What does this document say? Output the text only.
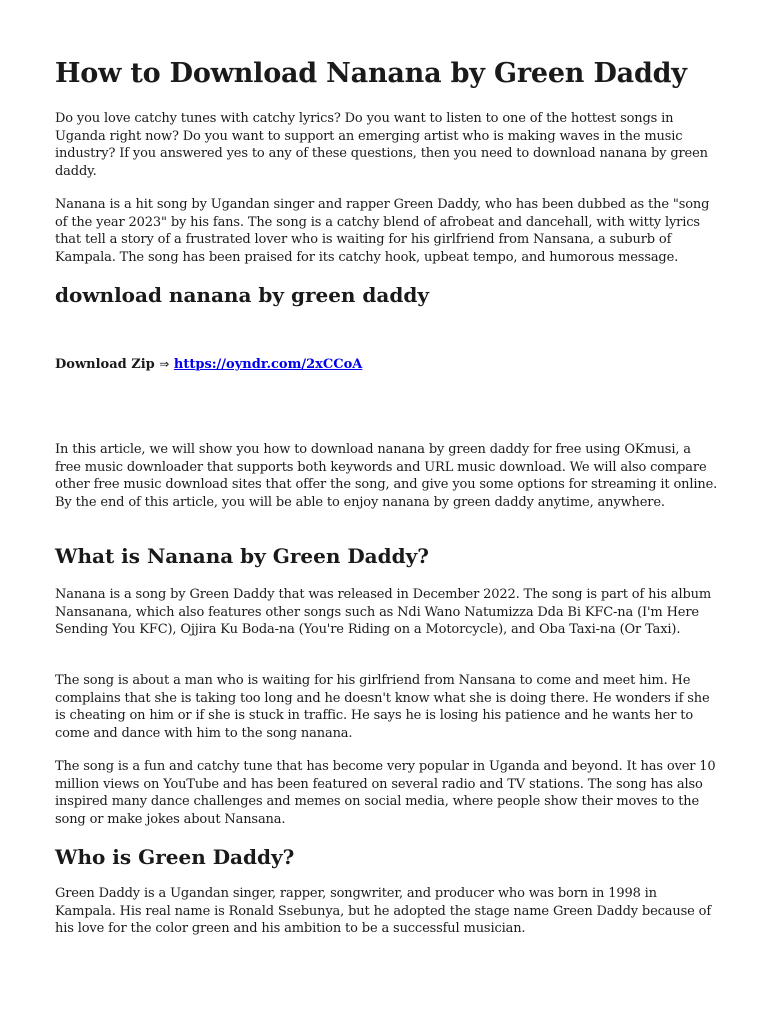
How to Download Nanana by Green Daddy

Do you love catchy tunes with catchy lyrics? Do you want to listen to one of the hottest songs in Uganda right now? Do you want to support an emerging artist who is making waves in the music industry? If you answered yes to any of these questions, then you need to download nanana by green daddy.

Nanana is a hit song by Ugandan singer and rapper Green Daddy, who has been dubbed as the "song of the year 2023" by his fans. The song is a catchy blend of afrobeat and dancehall, with witty lyrics that tell a story of a frustrated lover who is waiting for his girlfriend from Nansana, a suburb of Kampala. The song has been praised for its catchy hook, upbeat tempo, and humorous message.

download nanana by green daddy
Download Zip ⇒ https://oyndr.com/2xCCoA

In this article, we will show you how to download nanana by green daddy for free using OKmusi, a free music downloader that supports both keywords and URL music download. We will also compare other free music download sites that offer the song, and give you some options for streaming it online. By the end of this article, you will be able to enjoy nanana by green daddy anytime, anywhere.

What is Nanana by Green Daddy?

Nanana is a song by Green Daddy that was released in December 2022. The song is part of his album Nansanana, which also features other songs such as Ndi Wano Natumizza Dda Bi KFC-na (I'm Here Sending You KFC), Ojjira Ku Boda-na (You're Riding on a Motorcycle), and Oba Taxi-na (Or Taxi).

The song is about a man who is waiting for his girlfriend from Nansana to come and meet him. He complains that she is taking too long and he doesn't know what she is doing there. He wonders if she is cheating on him or if she is stuck in traffic. He says he is losing his patience and he wants her to come and dance with him to the song nanana.

The song is a fun and catchy tune that has become very popular in Uganda and beyond. It has over 10 million views on YouTube and has been featured on several radio and TV stations. The song has also inspired many dance challenges and memes on social media, where people show their moves to the song or make jokes about Nansana.

Who is Green Daddy?

Green Daddy is a Ugandan singer, rapper, songwriter, and producer who was born in 1998 in Kampala. His real name is Ronald Ssebunya, but he adopted the stage name Green Daddy because of his love for the color green and his ambition to be a successful musician.
